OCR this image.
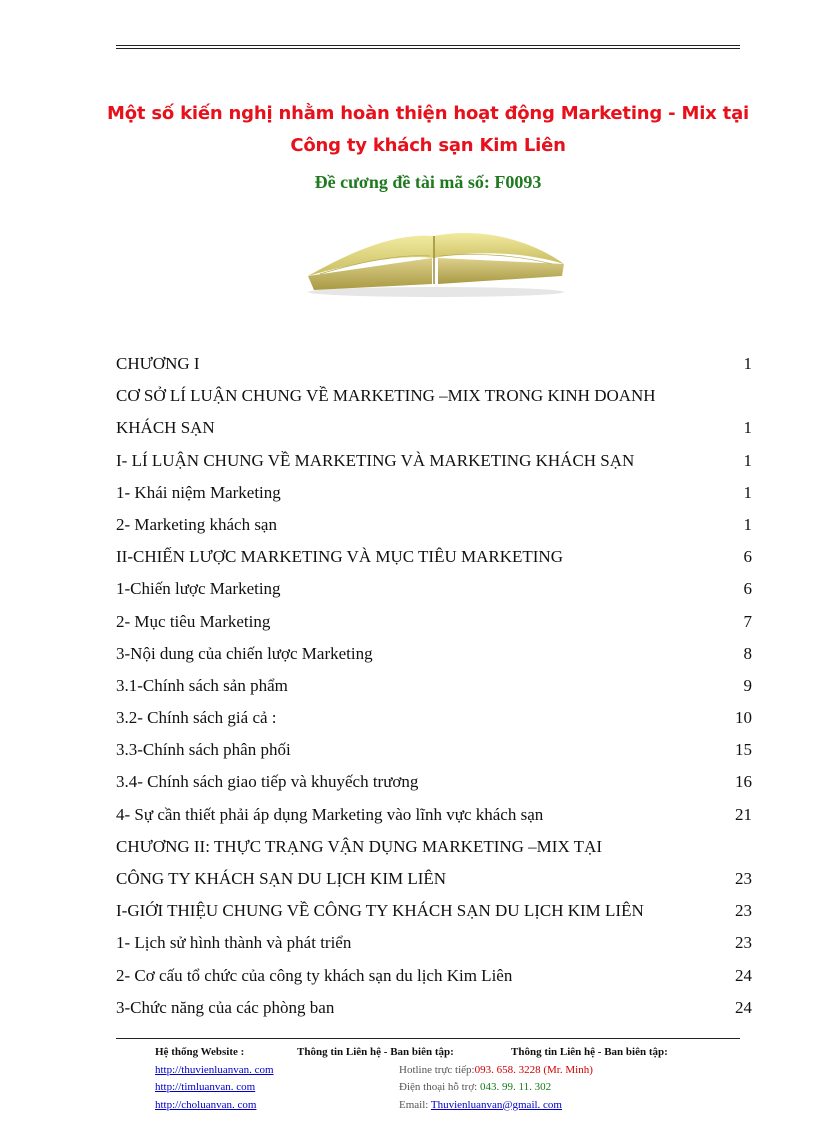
Một số kiến nghị nhằm hoàn thiện hoạt động Marketing - Mix tại
Công ty khách sạn Kim Liên
Đề cương đề tài mã số: F0093
CHƯƠNG I	1
CƠ SỞ LÍ LUẬN CHUNG VỀ MARKETING –MIX TRONG KINH DOANH
KHÁCH SẠN	1
I- LÍ LUẬN CHUNG VỀ MARKETING VÀ MARKETING KHÁCH SẠN	1
1- Khái niệm Marketing	1
2- Marketing khách sạn	1
II-CHIẾN LƯỢC MARKETING VÀ MỤC TIÊU MARKETING	6
1-Chiến lược Marketing	6
2- Mục tiêu Marketing	7
3-Nội dung của chiến lược Marketing	8
3.1-Chính sách sản phẩm	9
3.2- Chính sách giá cả :	10
3.3-Chính sách phân phối	15
3.4- Chính sách giao tiếp và khuyếch trương	16
4- Sự cần thiết phải áp dụng Marketing vào lĩnh vực khách sạn	21
CHƯƠNG II: THỰC TRẠNG VẬN DỤNG MARKETING –MIX TẠI
CÔNG TY KHÁCH SẠN DU LỊCH KIM LIÊN	23
I-GIỚI THIỆU CHUNG VỀ CÔNG TY KHÁCH SẠN DU LỊCH KIM LIÊN	23
1- Lịch sử hình thành và phát triển	23
2- Cơ cấu tổ chức của công ty khách sạn du lịch Kim Liên	24
3-Chức năng của các phòng ban	24
Hệ thống Website :	Thông tin Liên hệ - Ban biên tập:	Thông tin Liên hệ - Ban biên tập:
http://thuvienluanvan. com	Hotline trực tiếp:093. 658. 3228 (Mr. Minh)
http://timluanvan. com	Điện thoại hỗ trợ: 043. 99. 11. 302
http://choluanvan. com	Email: Thuvienluanvan@gmail. com
